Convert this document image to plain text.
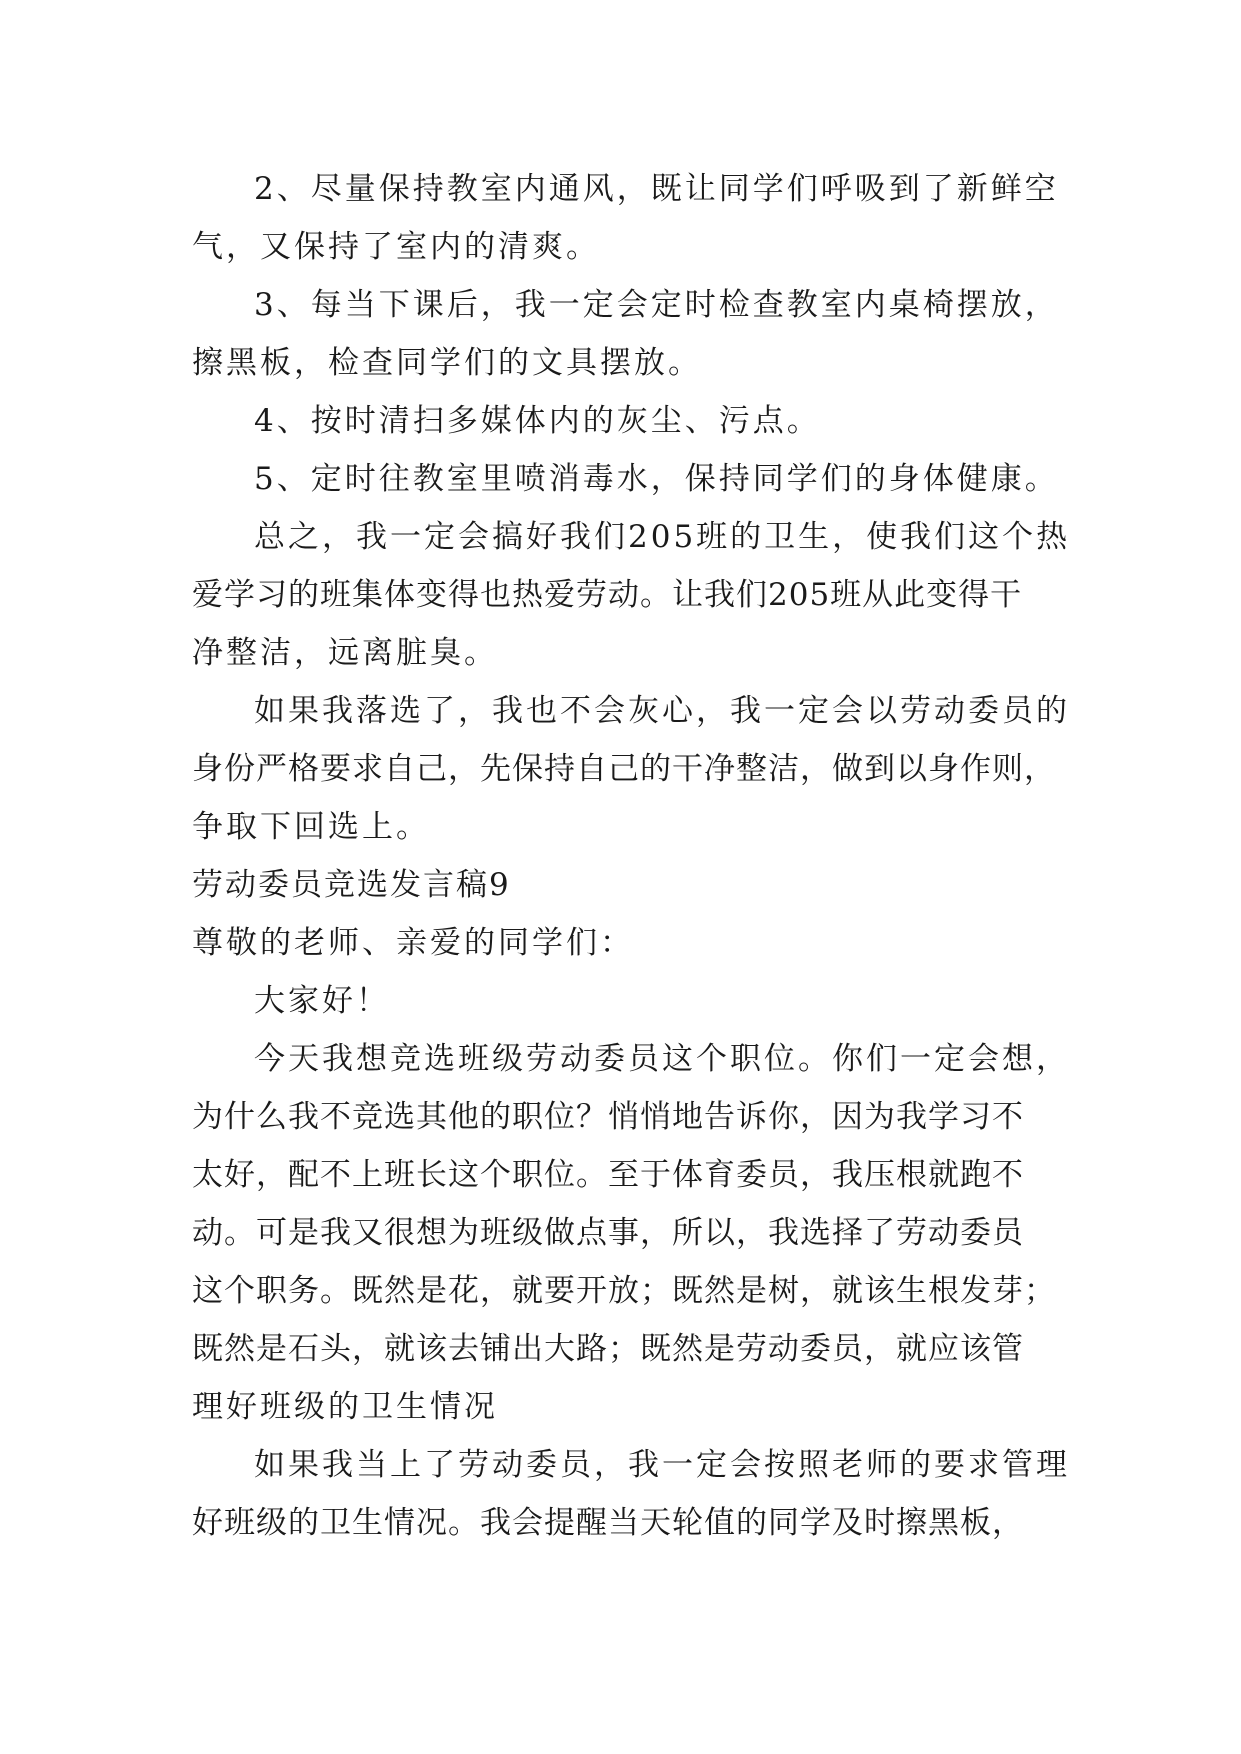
2、尽量保持教室内通风，既让同学们呼吸到了新鲜空
气，又保持了室内的清爽。
3、每当下课后，我一定会定时检查教室内桌椅摆放，
擦黑板，检查同学们的文具摆放。
4、按时清扫多媒体内的灰尘、污点。
5、定时往教室里喷消毒水，保持同学们的身体健康。
总之，我一定会搞好我们205班的卫生，使我们这个热
爱学习的班集体变得也热爱劳动。让我们205班从此变得干
净整洁，远离脏臭。
如果我落选了，我也不会灰心，我一定会以劳动委员的
身份严格要求自己，先保持自己的干净整洁，做到以身作则，
争取下回选上。
劳动委员竞选发言稿9
尊敬的老师、亲爱的同学们：
大家好！
今天我想竞选班级劳动委员这个职位。你们一定会想，
为什么我不竞选其他的职位？悄悄地告诉你，因为我学习不
太好，配不上班长这个职位。至于体育委员，我压根就跑不
动。可是我又很想为班级做点事，所以，我选择了劳动委员
这个职务。既然是花，就要开放；既然是树，就该生根发芽；
既然是石头，就该去铺出大路；既然是劳动委员，就应该管
理好班级的卫生情况
如果我当上了劳动委员，我一定会按照老师的要求管理
好班级的卫生情况。我会提醒当天轮值的同学及时擦黑板，
